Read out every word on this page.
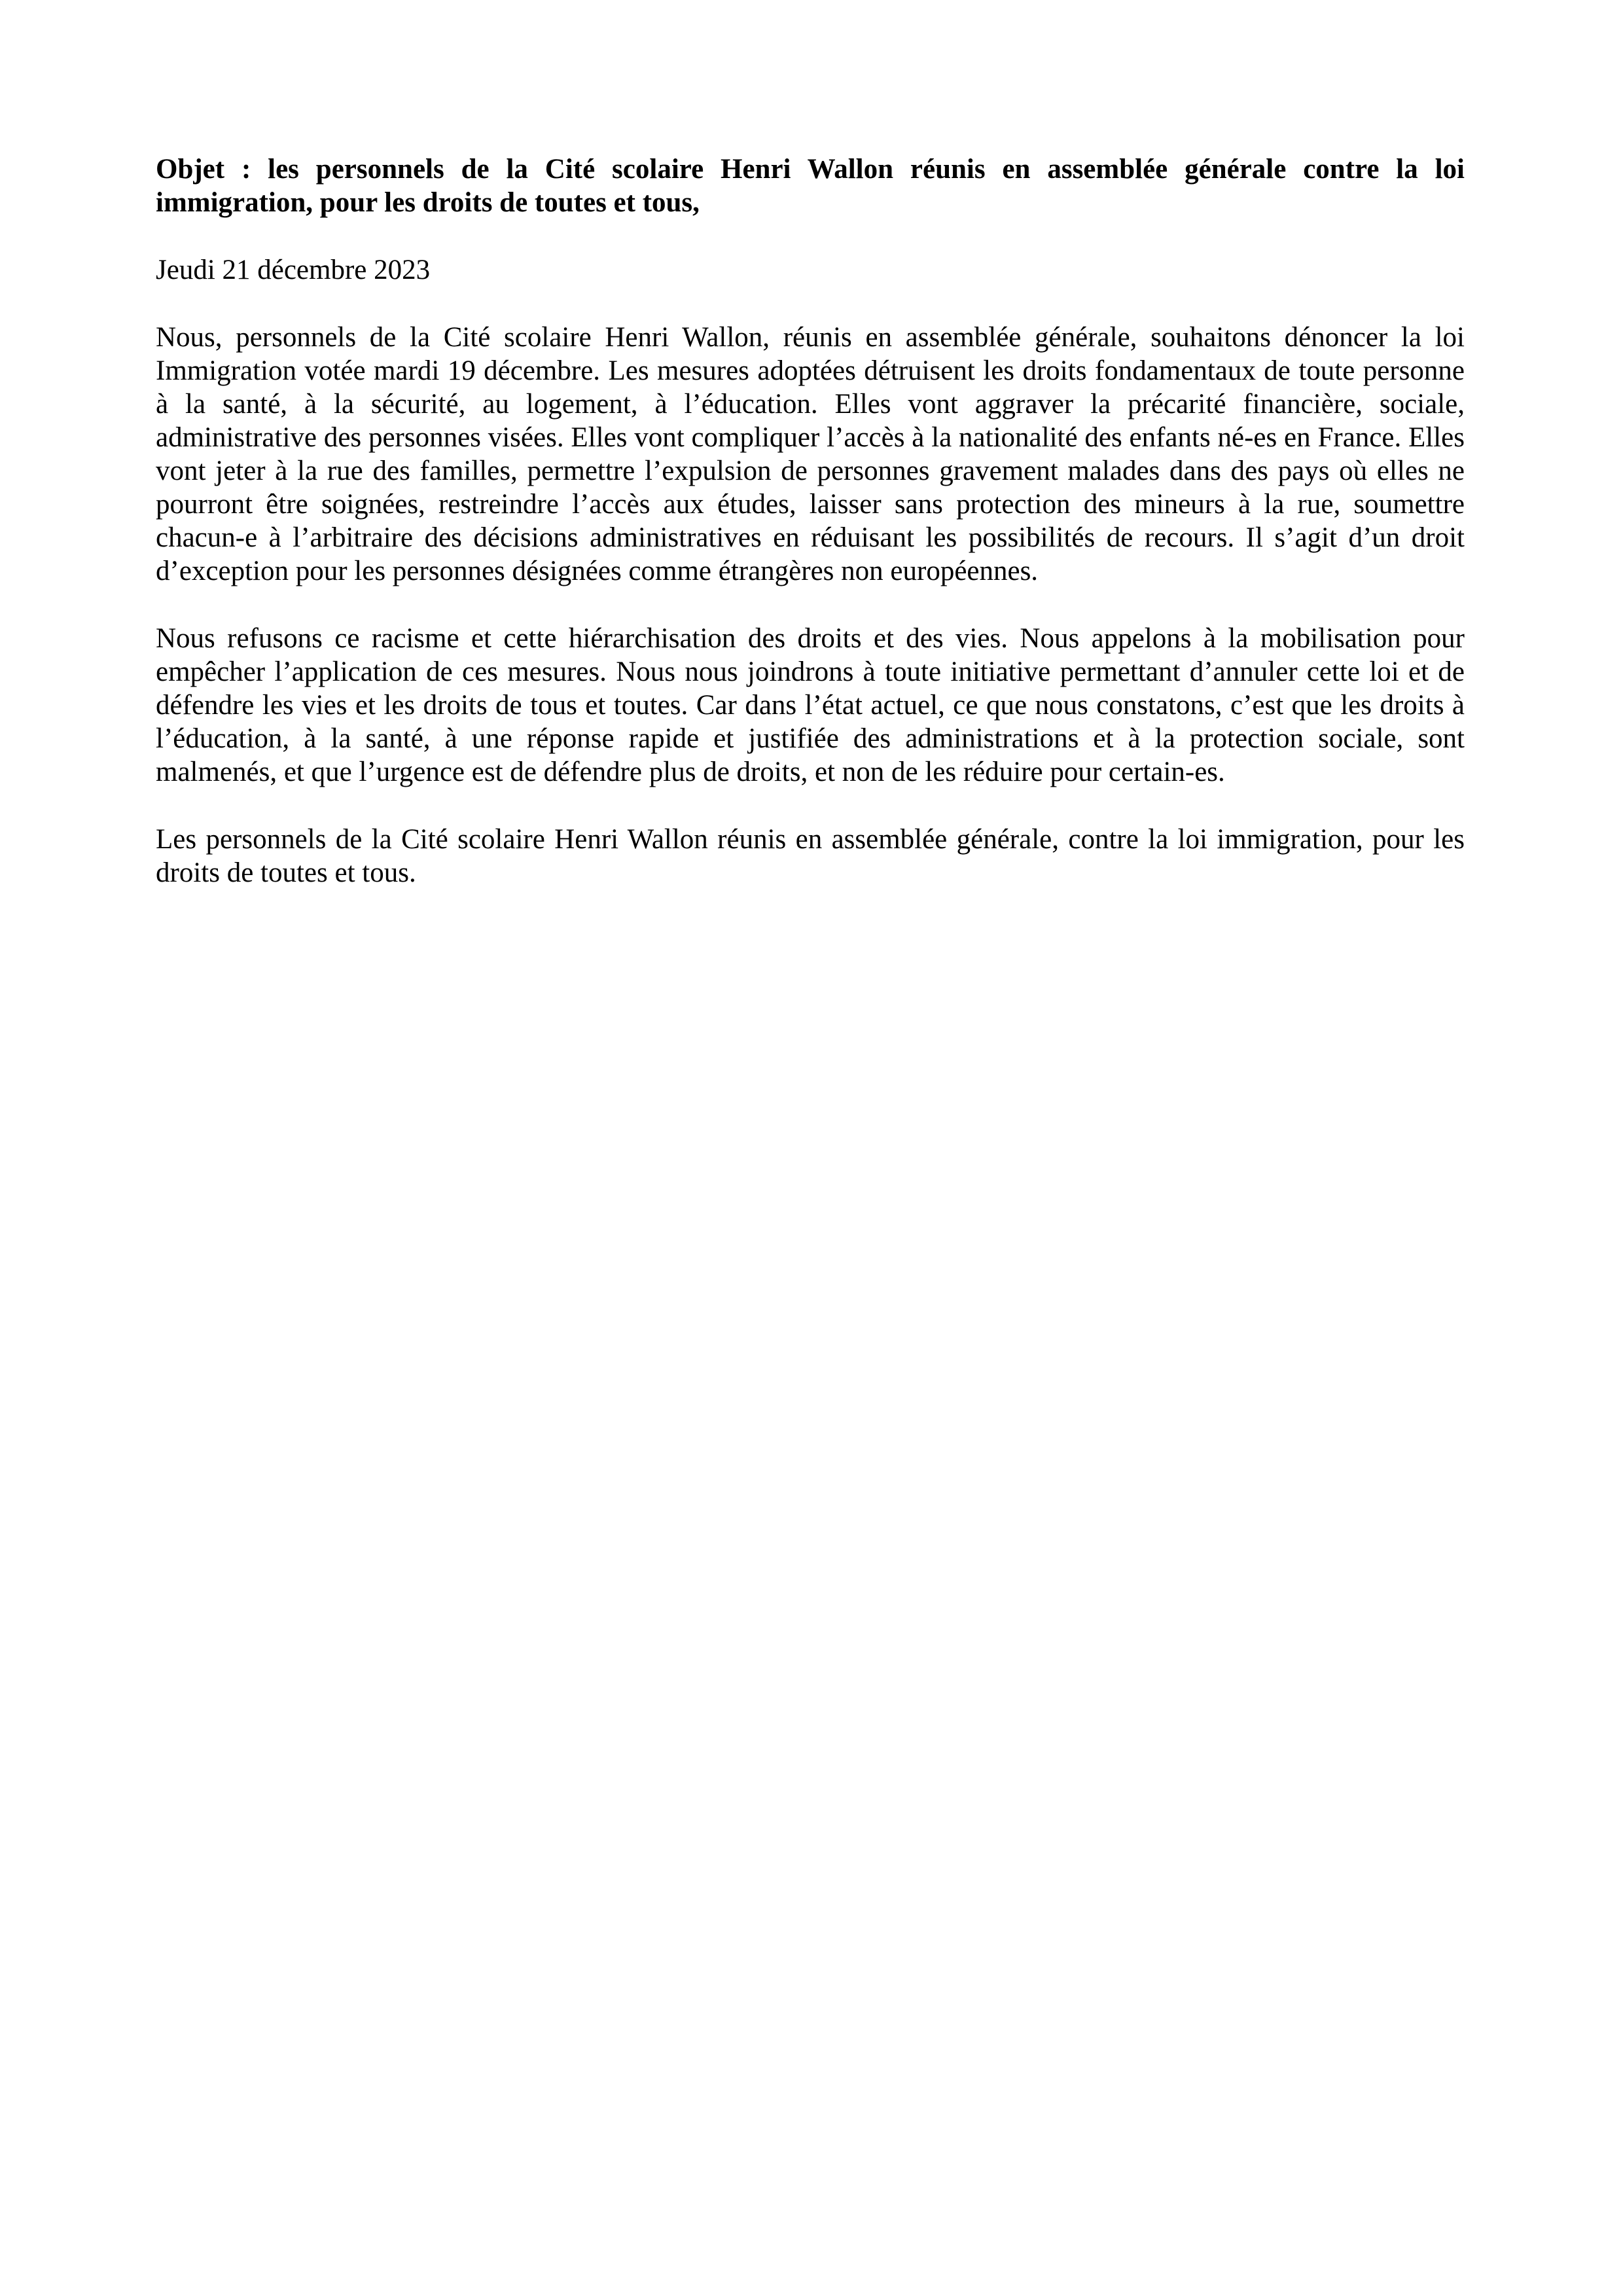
Objet : les personnels de la Cité scolaire Henri Wallon réunis en assemblée générale contre la loi immigration, pour les droits de toutes et tous,

Jeudi 21 décembre 2023

Nous, personnels de la Cité scolaire Henri Wallon, réunis en assemblée générale, souhaitons dénoncer la loi Immigration votée mardi 19 décembre. Les mesures adoptées détruisent les droits fondamentaux de toute personne à la santé, à la sécurité, au logement, à l’éducation. Elles vont aggraver la précarité financière, sociale, administrative des personnes visées. Elles vont compliquer l’accès à la nationalité des enfants né-es en France. Elles vont jeter à la rue des familles, permettre l’expulsion de personnes gravement malades dans des pays où elles ne pourront être soignées, restreindre l’accès aux études, laisser sans protection des mineurs à la rue, soumettre chacun-e à l’arbitraire des décisions administratives en réduisant les possibilités de recours. Il s’agit d’un droit d’exception pour les personnes désignées comme étrangères non européennes.

Nous refusons ce racisme et cette hiérarchisation des droits et des vies. Nous appelons à la mobilisation pour empêcher l’application de ces mesures. Nous nous joindrons à toute initiative permettant d’annuler cette loi et de défendre les vies et les droits de tous et toutes. Car dans l’état actuel, ce que nous constatons, c’est que les droits à l’éducation, à la santé, à une réponse rapide et justifiée des administrations et à la protection sociale, sont malmenés, et que l’urgence est de défendre plus de droits, et non de les réduire pour certain-es.

Les personnels de la Cité scolaire Henri Wallon réunis en assemblée générale, contre la loi immigration, pour les droits de toutes et tous.
